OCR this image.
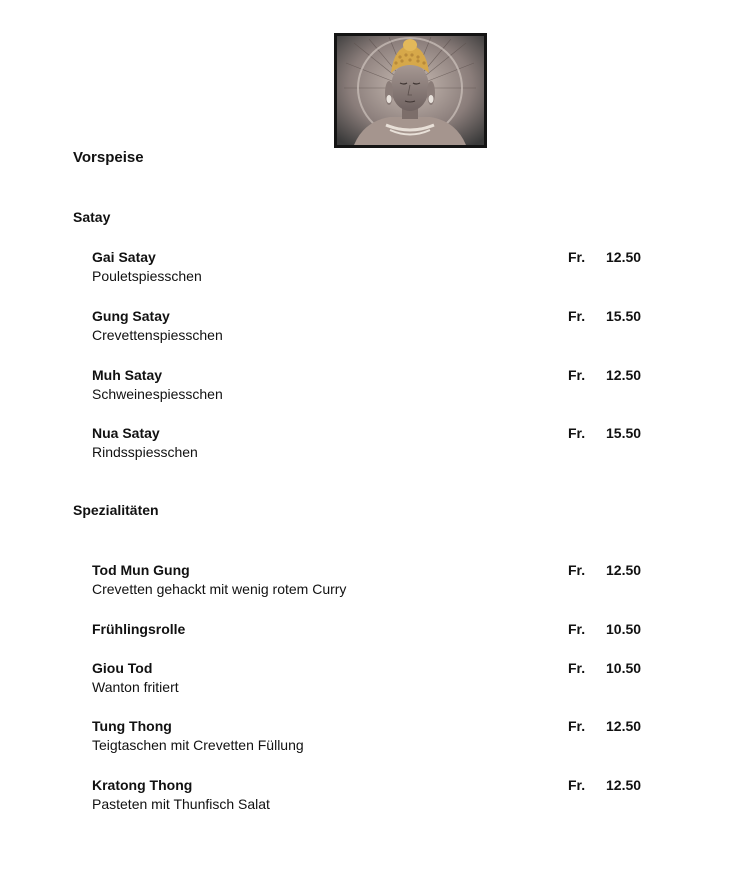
Vorspeise
Satay
Gai Satay
Pouletspiesschen
Fr. 12.50
Gung Satay
Crevettenspiesschen
Fr. 15.50
Muh Satay
Schweinespiesschen
Fr. 12.50
Nua Satay
Rindsspiesschen
Fr. 15.50
Spezialitäten
Tod Mun Gung
Crevetten gehackt mit wenig rotem Curry
Fr. 12.50
Frühlingsrolle	Fr. 10.50
Giou Tod
Wanton fritiert
Fr. 10.50
Tung Thong
Teigtaschen mit Crevetten Füllung
Fr. 12.50
Kratong Thong
Pasteten mit Thunfisch Salat
Fr. 12.50
